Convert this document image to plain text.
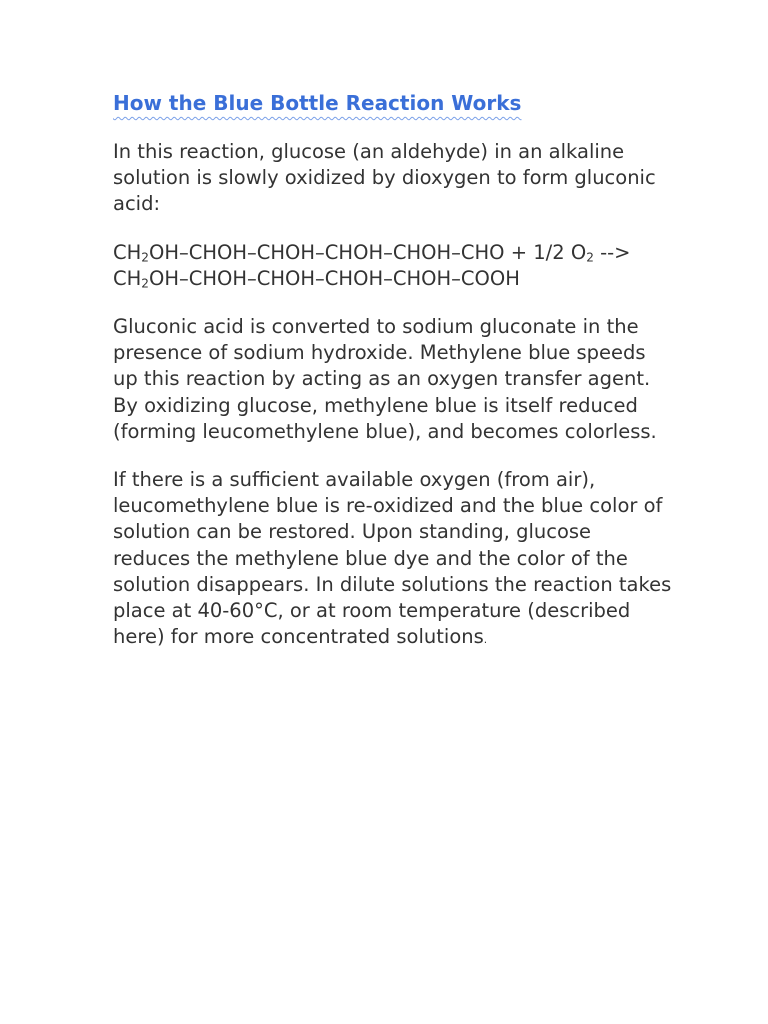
How the Blue Bottle Reaction Works

In this reaction, glucose (an aldehyde) in an alkaline solution is slowly oxidized by dioxygen to form gluconic acid:

$CH_2OH-CHOH-CHOH-CHOH-CHOH$–CHO + 1/2 $O_2$ --> $CH_2OH-CHOH-CHOH-CHOH-CHOH$–COOH

Gluconic acid is converted to sodium gluconate in the presence of sodium hydroxide. Methylene blue speeds up this reaction by acting as an oxygen transfer agent. By oxidizing glucose, methylene blue is itself reduced (forming leucomethylene blue), and becomes colorless.

If there is a sufficient available oxygen (from air), leucomethylene blue is re-oxidized and the blue color of solution can be restored. Upon standing, glucose reduces the methylene blue dye and the color of the solution disappears. In dilute solutions the reaction takes place at 40-60°C, or at room temperature (described here) for more concentrated solutions.
